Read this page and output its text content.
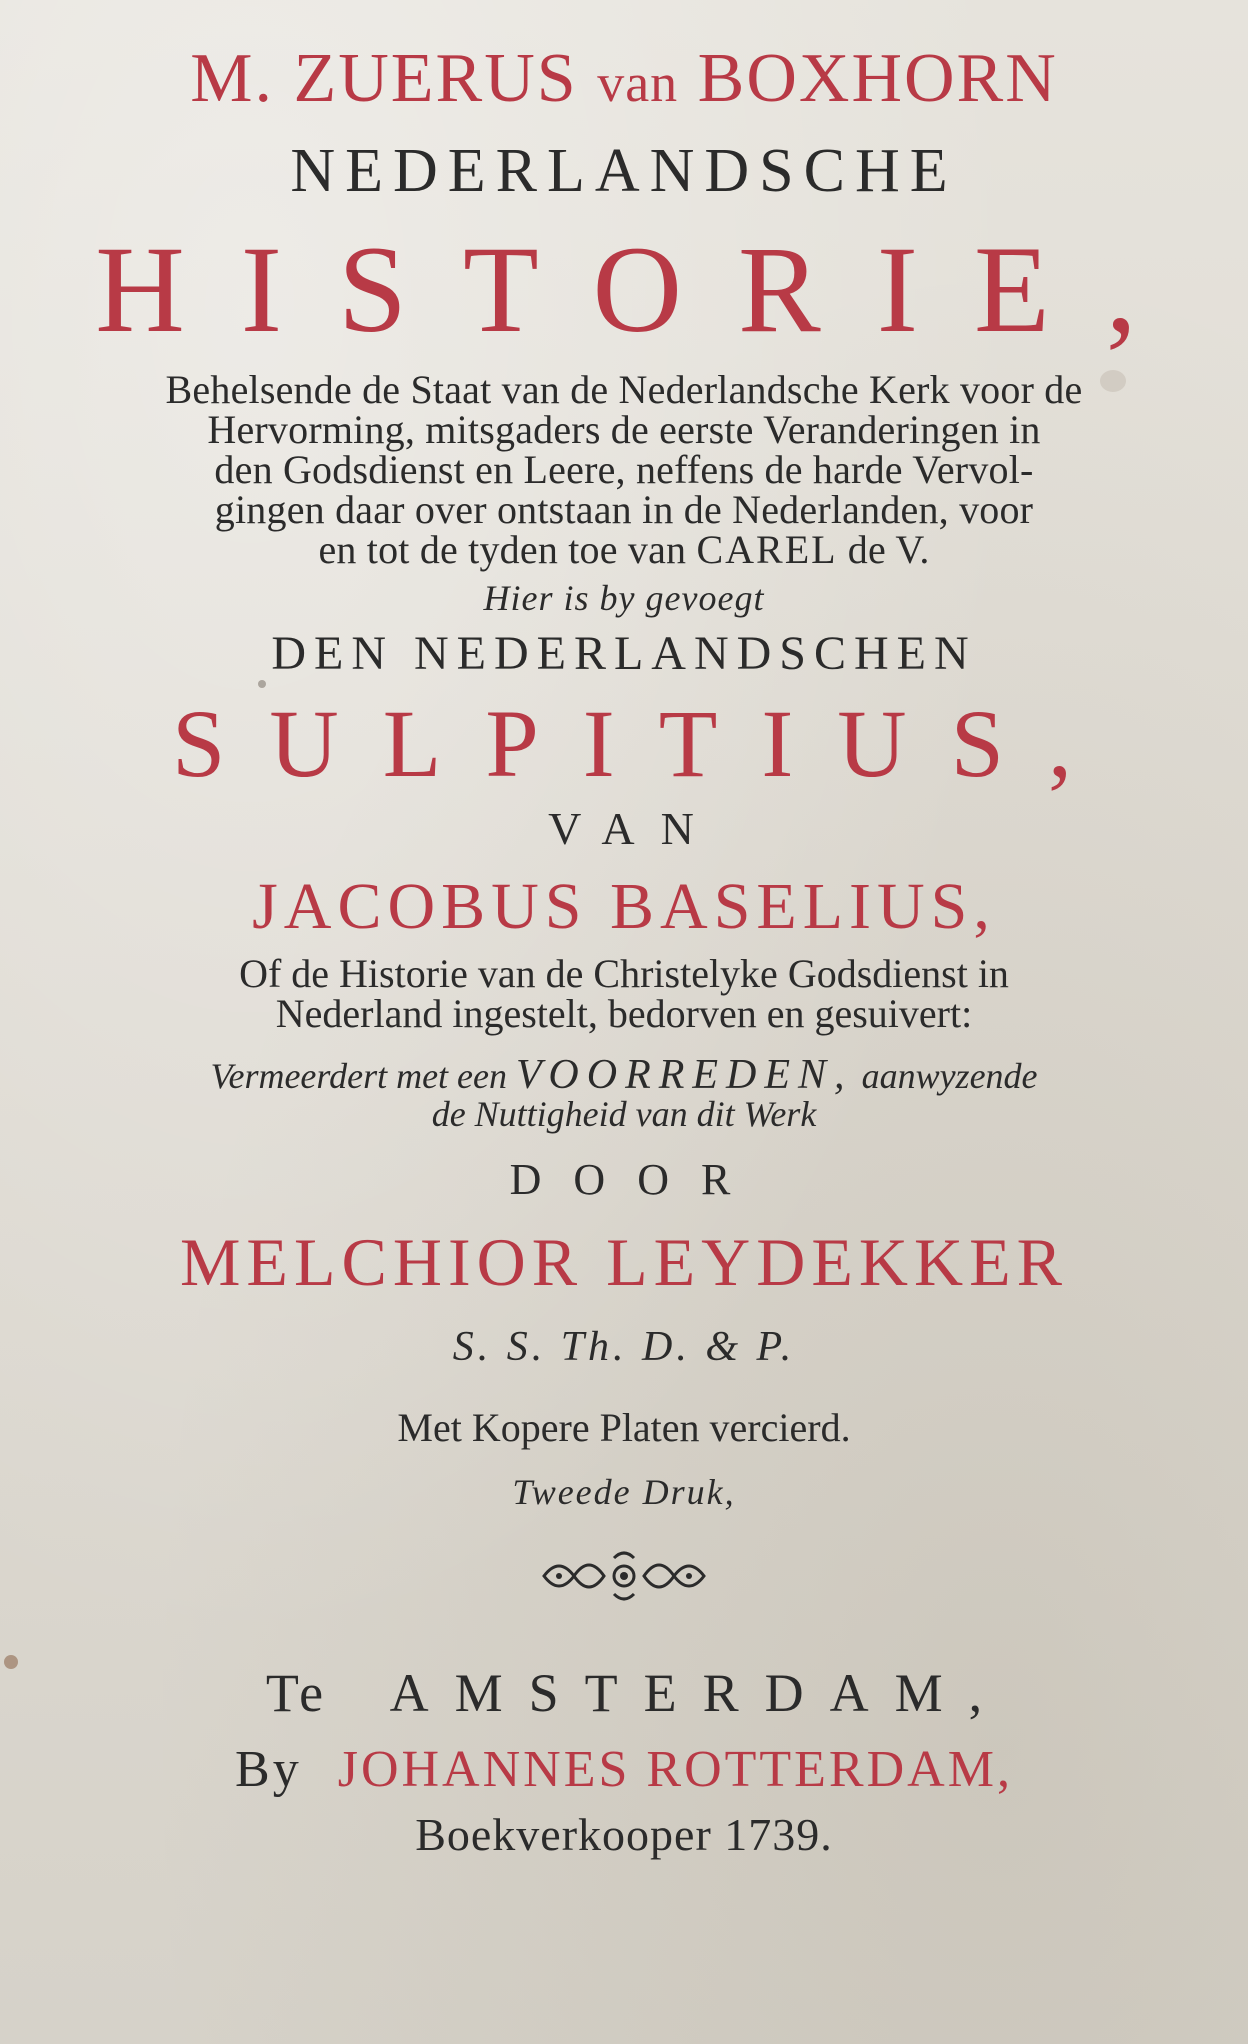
M. ZUERUS van BOXHORN
NEDERLANDSCHE
HISTORIE,
Behelsende de Staat van de Nederlandsche Kerk voor de
Hervorming, mitsgaders de eerste Veranderingen in
den Godsdienst en Leere, neffens de harde Vervol-
gingen daar over ontstaan in de Nederlanden, voor
en tot de tyden toe van CAREL de V.
Hier is by gevoegt
DEN NEDERLANDSCHEN
SULPITIUS,
VAN
JACOBUS BASELIUS,
Of de Historie van de Christelyke Godsdienst in
Nederland ingestelt, bedorven en gesuivert:
Vermeerdert met een VOORREDEN, aanwyzende
de Nuttigheid van dit Werk
DOOR
MELCHIOR LEYDEKKER
S. S. Th. D. & P.
Met Kopere Platen vercierd.
Tweede Druk,
Te AMSTERDAM,
By JOHANNES ROTTERDAM,
Boekverkooper 1739.
